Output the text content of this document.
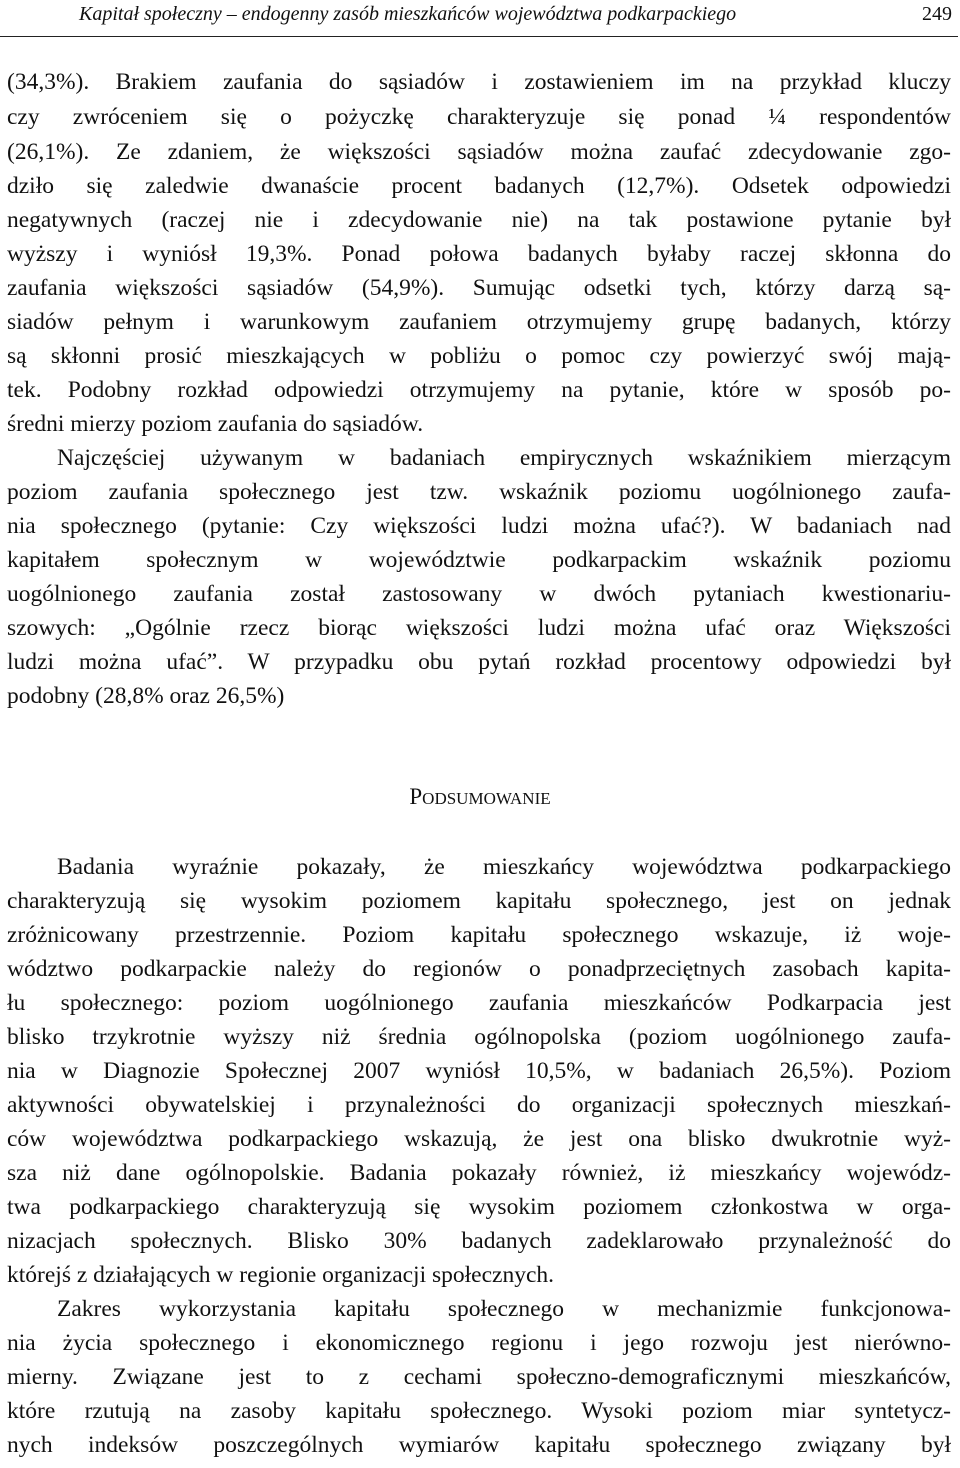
Kapitał społeczny – endogenny zasób mieszkańców województwa podkarpackiego	249
(34,3%). Brakiem zaufania do sąsiadów i zostawieniem im na przykład kluczy
czy zwróceniem się o pożyczkę charakteryzuje się ponad ¼ respondentów
(26,1%). Ze zdaniem, że większości sąsiadów można zaufać zdecydowanie zgo-
dziło się zaledwie dwanaście procent badanych (12,7%). Odsetek odpowiedzi
negatywnych (raczej nie i zdecydowanie nie) na tak postawione pytanie był
wyższy i wyniósł 19,3%. Ponad połowa badanych byłaby raczej skłonna do
zaufania większości sąsiadów (54,9%). Sumując odsetki tych, którzy darzą są-
siadów pełnym i warunkowym zaufaniem otrzymujemy grupę badanych, którzy
są skłonni prosić mieszkających w pobliżu o pomoc czy powierzyć swój mają-
tek. Podobny rozkład odpowiedzi otrzymujemy na pytanie, które w sposób po-
średni mierzy poziom zaufania do sąsiadów.
Najczęściej używanym w badaniach empirycznych wskaźnikiem mierzącym
poziom zaufania społecznego jest tzw. wskaźnik poziomu uogólnionego zaufa-
nia społecznego (pytanie: Czy większości ludzi można ufać?). W badaniach nad
kapitałem społecznym w województwie podkarpackim wskaźnik poziomu
uogólnionego zaufania został zastosowany w dwóch pytaniach kwestionariu-
szowych: „Ogólnie rzecz biorąc większości ludzi można ufać oraz Większości
ludzi można ufać”. W przypadku obu pytań rozkład procentowy odpowiedzi był
podobny (28,8% oraz 26,5%)
PODSUMOWANIE
Badania wyraźnie pokazały, że mieszkańcy województwa podkarpackiego
charakteryzują się wysokim poziomem kapitału społecznego, jest on jednak
zróżnicowany przestrzennie. Poziom kapitału społecznego wskazuje, iż woje-
wództwo podkarpackie należy do regionów o ponadprzeciętnych zasobach kapita-
łu społecznego: poziom uogólnionego zaufania mieszkańców Podkarpacia jest
blisko trzykrotnie wyższy niż średnia ogólnopolska (poziom uogólnionego zaufa-
nia w Diagnozie Społecznej 2007 wyniósł 10,5%, w badaniach 26,5%). Poziom
aktywności obywatelskiej i przynależności do organizacji społecznych mieszkań-
ców województwa podkarpackiego wskazują, że jest ona blisko dwukrotnie wyż-
sza niż dane ogólnopolskie. Badania pokazały również, iż mieszkańcy wojewódz-
twa podkarpackiego charakteryzują się wysokim poziomem członkostwa w orga-
nizacjach społecznych. Blisko 30% badanych zadeklarowało przynależność do
którejś z działających w regionie organizacji społecznych.
Zakres wykorzystania kapitału społecznego w mechanizmie funkcjonowa-
nia życia społecznego i ekonomicznego regionu i jego rozwoju jest nierówno-
mierny. Związane jest to z cechami społeczno-demograficznymi mieszkańców,
które rzutują na zasoby kapitału społecznego. Wysoki poziom miar syntetycz-
nych indeksów poszczególnych wymiarów kapitału społecznego związany był
